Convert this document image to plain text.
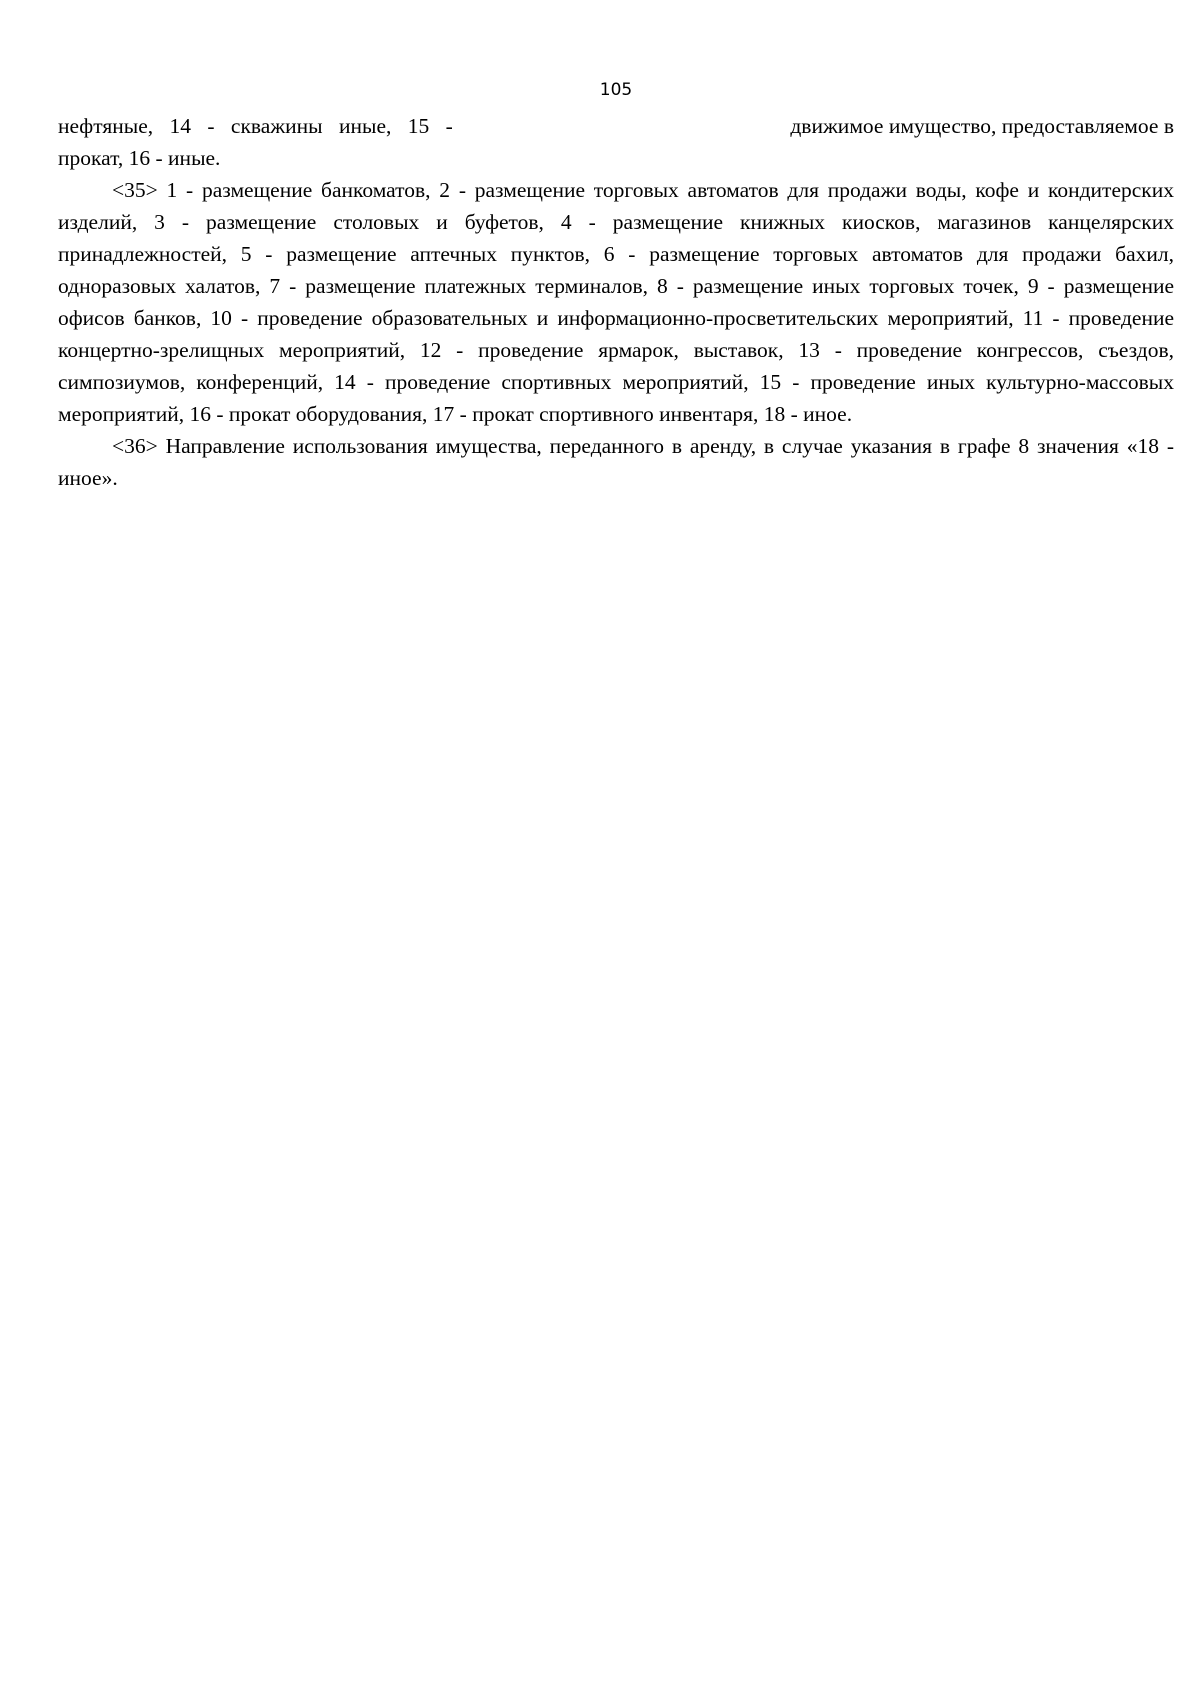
105
нефтяные, 14 - скважины иные, 15 -	движимое имущество, предоставляемое в

прокат, 16 - иные.

<35> 1 - размещение банкоматов, 2 - размещение торговых автоматов для продажи воды, кофе и кондитерских изделий, 3 - размещение столовых и буфетов, 4 - размещение книжных киосков, магазинов канцелярских принадлежностей, 5 - размещение аптечных пунктов, 6 - размещение торговых автоматов для продажи бахил, одноразовых халатов, 7 - размещение платежных терминалов, 8 - размещение иных торговых точек, 9 - размещение офисов банков, 10 - проведение образовательных и информационно-просветительских мероприятий, 11 - проведение концертно-зрелищных мероприятий, 12 - проведение ярмарок, выставок, 13 - проведение конгрессов, съездов, симпозиумов, конференций, 14 - проведение спортивных мероприятий, 15 - проведение иных культурно-массовых мероприятий, 16 - прокат оборудования, 17 - прокат спортивного инвентаря, 18 - иное.

<36> Направление использования имущества, переданного в аренду, в случае указания в графе 8 значения «18 - иное».
